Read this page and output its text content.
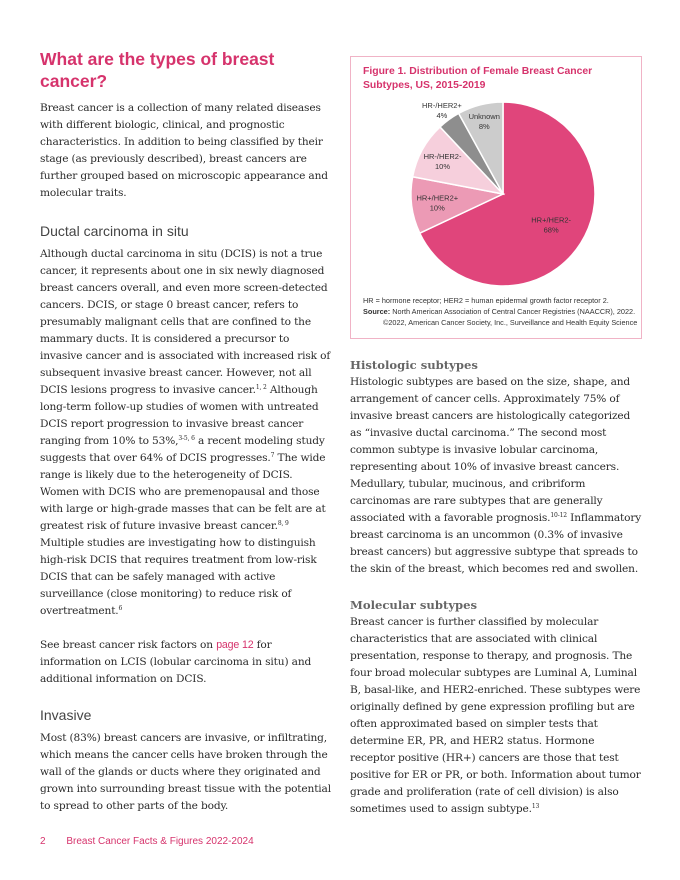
What are the types of breast cancer?

Breast cancer is a collection of many related diseases with different biologic, clinical, and prognostic characteristics. In addition to being classified by their stage (as previously described), breast cancers are further grouped based on microscopic appearance and molecular traits.

Ductal carcinoma in situ

Although ductal carcinoma in situ (DCIS) is not a true cancer, it represents about one in six newly diagnosed breast cancers overall, and even more screen-detected cancers. DCIS, or stage 0 breast cancer, refers to presumably malignant cells that are confined to the mammary ducts. It is considered a precursor to invasive cancer and is associated with increased risk of subsequent invasive breast cancer. However, not all DCIS lesions progress to invasive cancer.$^{1, 2}$ Although long-term follow-up studies of women with untreated DCIS report progression to invasive breast cancer ranging from 10% to 53%,$^{3-5, 6}$ a recent modeling study suggests that over 64% of DCIS progresses.$^7$ The wide range is likely due to the heterogeneity of DCIS. Women with DCIS who are premenopausal and those with large or high-grade masses that can be felt are at greatest risk of future invasive breast cancer.$^{8, 9}$ Multiple studies are investigating how to distinguish high-risk DCIS that requires treatment from low-risk DCIS that can be safely managed with active surveillance (close monitoring) to reduce risk of overtreatment.$^6$

See breast cancer risk factors on page 12 for information on LCIS (lobular carcinoma in situ) and additional information on DCIS.

Invasive

Most (83%) breast cancers are invasive, or infiltrating, which means the cancer cells have broken through the wall of the glands or ducts where they originated and grown into surrounding breast tissue with the potential to spread to other parts of the body.

Figure 1. Distribution of Female Breast Cancer Subtypes, US, 2015-2019
HR+/HER2-68%
HR+/HER2+ 10%
HR-/HER2-10%
HR-/HER2+ 4%	Unknown 8%
HR = hormone receptor; HER2 = human epidermal growth factor receptor 2.
Source: North American Association of Central Cancer Registries (NAACCR), 2022.
©2022, American Cancer Society, Inc., Surveillance and Health Equity Science
Histologic subtypes

Histologic subtypes are based on the size, shape, and arrangement of cancer cells. Approximately 75% of invasive breast cancers are histologically categorized as “invasive ductal carcinoma.” The second most common subtype is invasive lobular carcinoma, representing about 10% of invasive breast cancers. Medullary, tubular, mucinous, and cribriform carcinomas are rare subtypes that are generally associated with a favorable prognosis.$^{10-12}$ Inflammatory breast carcinoma is an uncommon (0.3% of invasive breast cancers) but aggressive subtype that spreads to the skin of the breast, which becomes red and swollen.

Molecular subtypes

Breast cancer is further classified by molecular characteristics that are associated with clinical presentation, response to therapy, and prognosis. The four broad molecular subtypes are Luminal A, Luminal B, basal-like, and HER2-enriched. These subtypes were originally defined by gene expression profiling but are often approximated based on simpler tests that determine ER, PR, and HER2 status. Hormone receptor positive (HR+) cancers are those that test positive for ER or PR, or both. Information about tumor grade and proliferation (rate of cell division) is also sometimes used to assign subtype.$^{13}$

2 Breast Cancer Facts & Figures 2022-2024
